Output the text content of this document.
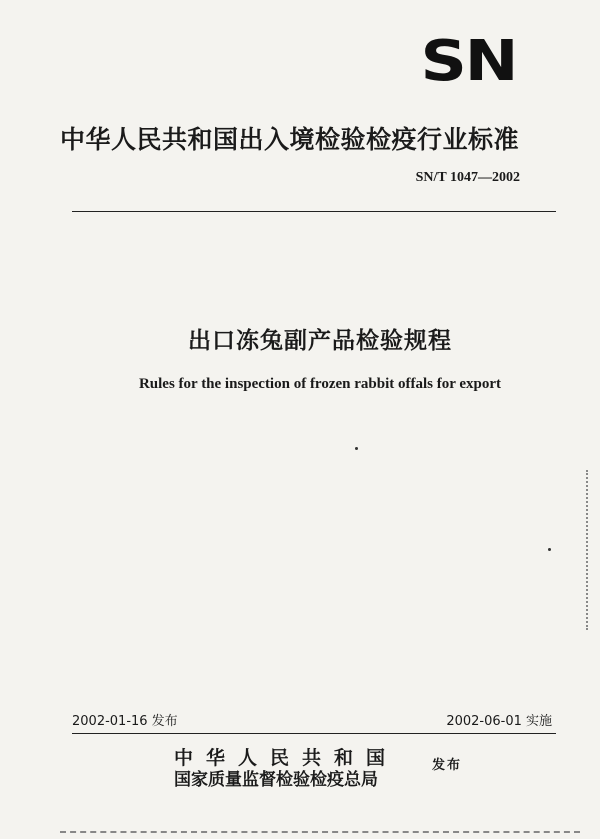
SN
中华人民共和国出入境检验检疫行业标准
SN/T 1047—2002
出口冻兔副产品检验规程
Rules for the inspection of frozen rabbit offals for export
2002-01-16 发布	2002-06-01 实施
中华人民共和国
国家质量监督检验检疫总局
发布
